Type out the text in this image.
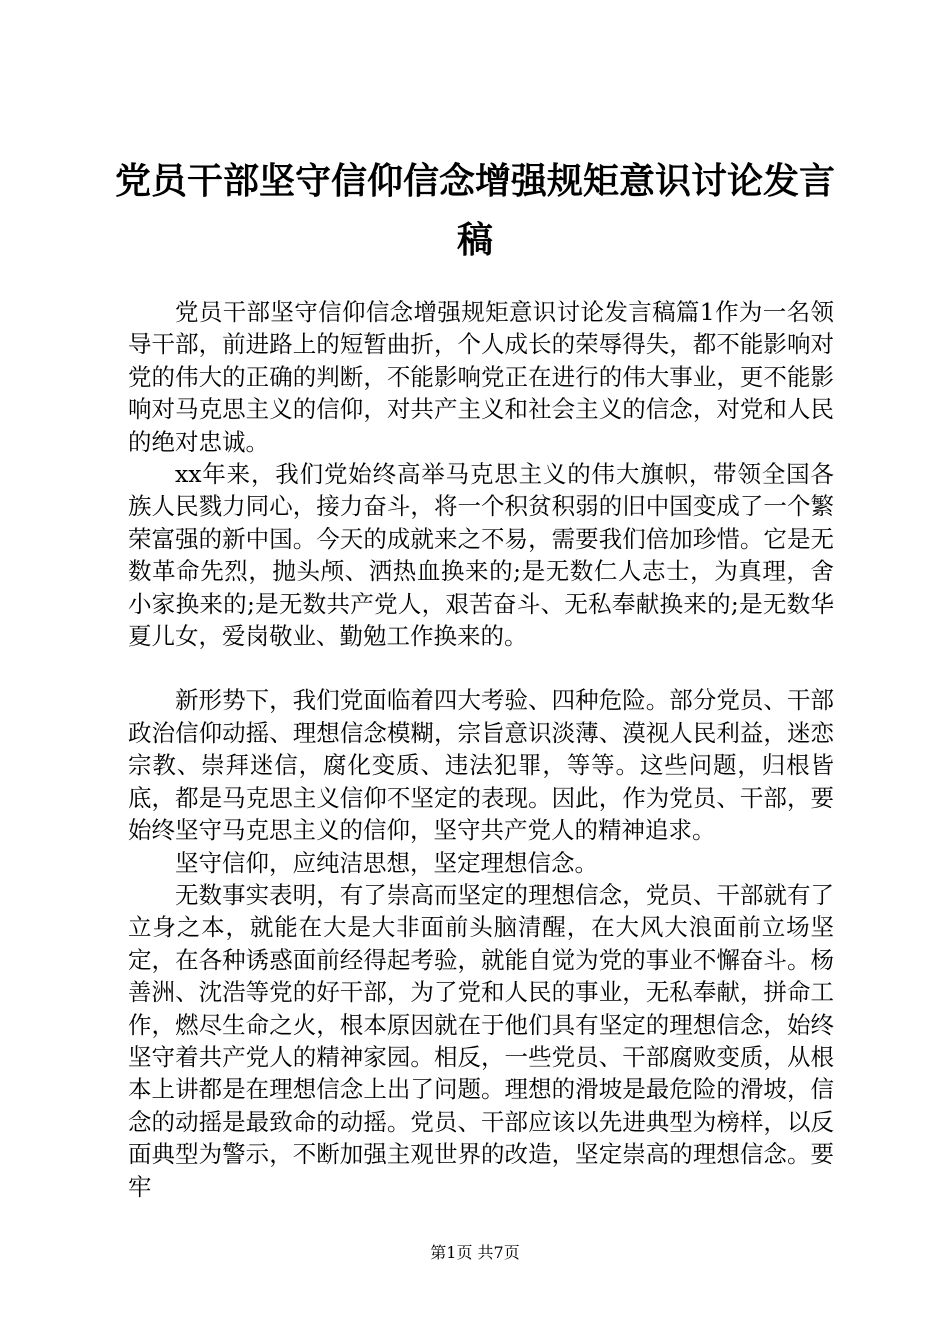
党员干部坚守信仰信念增强规矩意识讨论发言
稿

党员干部坚守信仰信念增强规矩意识讨论发言稿篇1作为一名领导干部，前进路上的短暂曲折，个人成长的荣辱得失，都不能影响对党的伟大的正确的判断，不能影响党正在进行的伟大事业，更不能影响对马克思主义的信仰，对共产主义和社会主义的信念，对党和人民的绝对忠诚。

xx年来，我们党始终高举马克思主义的伟大旗帜，带领全国各族人民戮力同心，接力奋斗，将一个积贫积弱的旧中国变成了一个繁荣富强的新中国。今天的成就来之不易，需要我们倍加珍惜。它是无数革命先烈，抛头颅、洒热血换来的;是无数仁人志士，为真理，舍小家换来的;是无数共产党人，艰苦奋斗、无私奉献换来的;是无数华夏儿女，爱岗敬业、勤勉工作换来的。

新形势下，我们党面临着四大考验、四种危险。部分党员、干部政治信仰动摇、理想信念模糊，宗旨意识淡薄、漠视人民利益，迷恋宗教、崇拜迷信，腐化变质、违法犯罪，等等。这些问题，归根皆底，都是马克思主义信仰不坚定的表现。因此，作为党员、干部，要始终坚守马克思主义的信仰，坚守共产党人的精神追求。

坚守信仰，应纯洁思想，坚定理想信念。

无数事实表明，有了崇高而坚定的理想信念，党员、干部就有了立身之本，就能在大是大非面前头脑清醒，在大风大浪面前立场坚定，在各种诱惑面前经得起考验，就能自觉为党的事业不懈奋斗。杨善洲、沈浩等党的好干部，为了党和人民的事业，无私奉献，拼命工作，燃尽生命之火，根本原因就在于他们具有坚定的理想信念，始终坚守着共产党人的精神家园。相反，一些党员、干部腐败变质，从根本上讲都是在理想信念上出了问题。理想的滑坡是最危险的滑坡，信念的动摇是最致命的动摇。党员、干部应该以先进典型为榜样，以反面典型为警示，不断加强主观世界的改造，坚定崇高的理想信念。要牢

第1页 共7页
